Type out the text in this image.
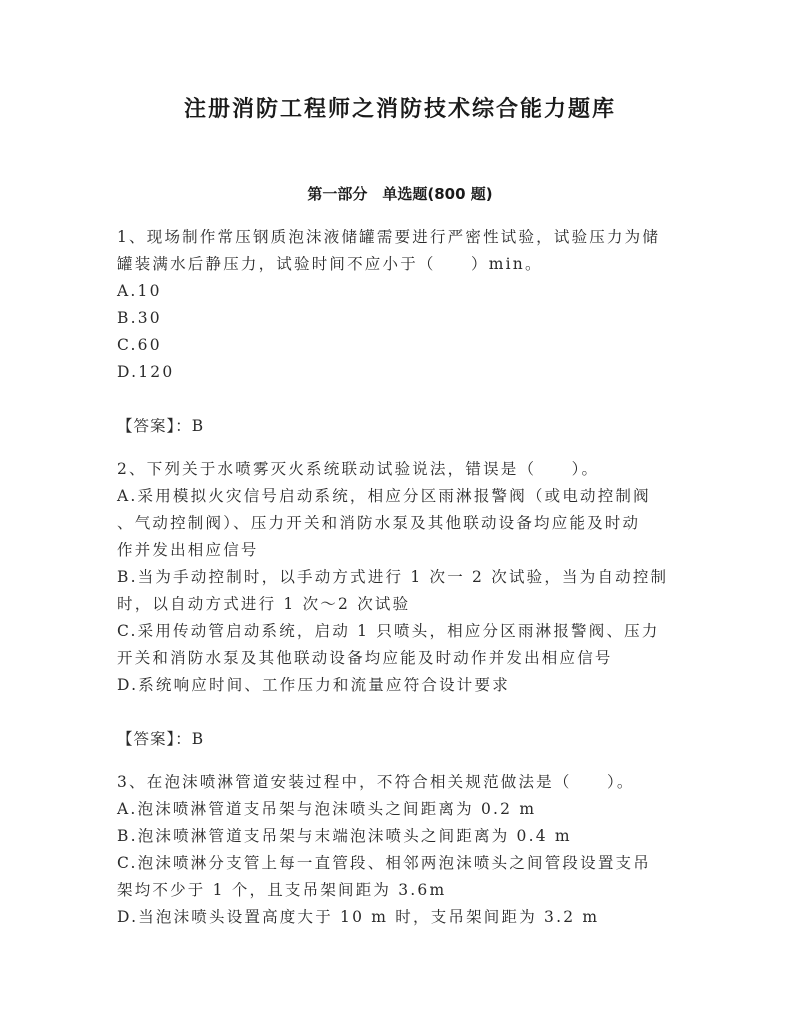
注册消防工程师之消防技术综合能力题库
第一部分　单选题(800 题)
1、现场制作常压钢质泡沫液储罐需要进行严密性试验，试验压力为储
罐装满水后静压力，试验时间不应小于（　　）min。
A.10
B.30
C.60
D.120
【答案】：B
2、下列关于水喷雾灭火系统联动试验说法，错误是（　　）。
A.采用模拟火灾信号启动系统，相应分区雨淋报警阀（或电动控制阀
、气动控制阀）、压力开关和消防水泵及其他联动设备均应能及时动
作并发出相应信号
B.当为手动控制时，以手动方式进行 1 次一 2 次试验，当为自动控制
时，以自动方式进行 1 次～2 次试验
C.采用传动管启动系统，启动 1 只喷头，相应分区雨淋报警阀、压力
开关和消防水泵及其他联动设备均应能及时动作并发出相应信号
D.系统响应时间、工作压力和流量应符合设计要求
【答案】：B
3、在泡沫喷淋管道安装过程中，不符合相关规范做法是（　　）。
A.泡沫喷淋管道支吊架与泡沫喷头之间距离为 0.2 m
B.泡沫喷淋管道支吊架与末端泡沫喷头之间距离为 0.4 m
C.泡沫喷淋分支管上每一直管段、相邻两泡沫喷头之间管段设置支吊
架均不少于 1 个，且支吊架间距为 3.6m
D.当泡沫喷头设置高度大于 10 m 时，支吊架间距为 3.2 m
